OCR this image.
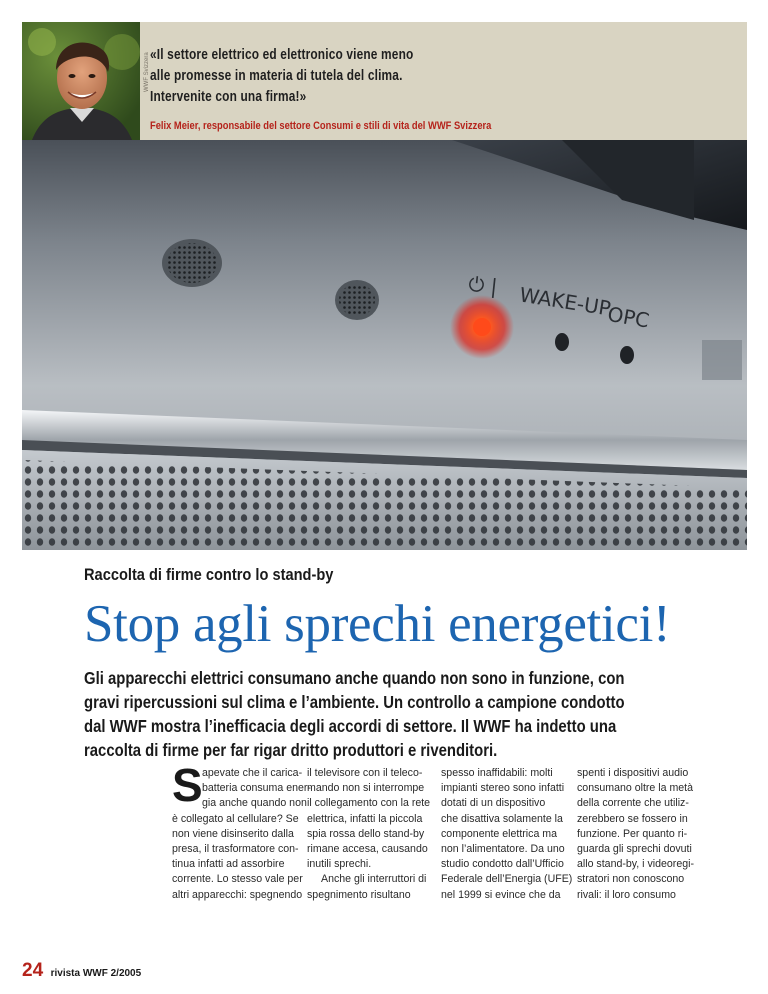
WWF Svizzera «Il settore elettrico ed elettronico viene meno
alle promesse in materia di tutela del clima.
Intervenite con una firma!»
Felix Meier, responsabile del settore Consumi e stili di vita del WWF Svizzera
⏻ | WAKE-UP
OPC
Raccolta di firme contro lo stand-by
Stop agli sprechi energetici!
Gli apparecchi elettrici consumano anche quando non sono in funzione, con
gravi ripercussioni sul clima e l’ambiente. Un controllo a campione condotto
dal WWF mostra l’inefficacia degli accordi di settore. Il WWF ha indetto una
raccolta di firme per far rigar dritto produttori e rivenditori.
S apevate che il carica-
batteria consuma ener-
gia anche quando non
è collegato al cellulare? Se
non viene disinserito dalla
presa, il trasformatore con-
tinua infatti ad assorbire
corrente. Lo stesso vale per
altri apparecchi: spegnendo
il televisore con il teleco-
mando non si interrompe
il collegamento con la rete
elettrica, infatti la piccola
spia rossa dello stand-by
rimane accesa, causando
inutili sprechi.
Anche gli interruttori di
spegnimento risultano
spesso inaffidabili: molti
impianti stereo sono infatti
dotati di un dispositivo
che disattiva solamente la
componente elettrica ma
non l’alimentatore. Da uno
studio condotto dall’Ufficio
Federale dell’Energia (UFE)
nel 1999 si evince che da
spenti i dispositivi audio
consumano oltre la metà
della corrente che utiliz-
zerebbero se fossero in
funzione. Per quanto ri-
guarda gli sprechi dovuti
allo stand-by, i videoregi-
stratori non conoscono
rivali: il loro consumo
24 rivista WWF 2/2005
